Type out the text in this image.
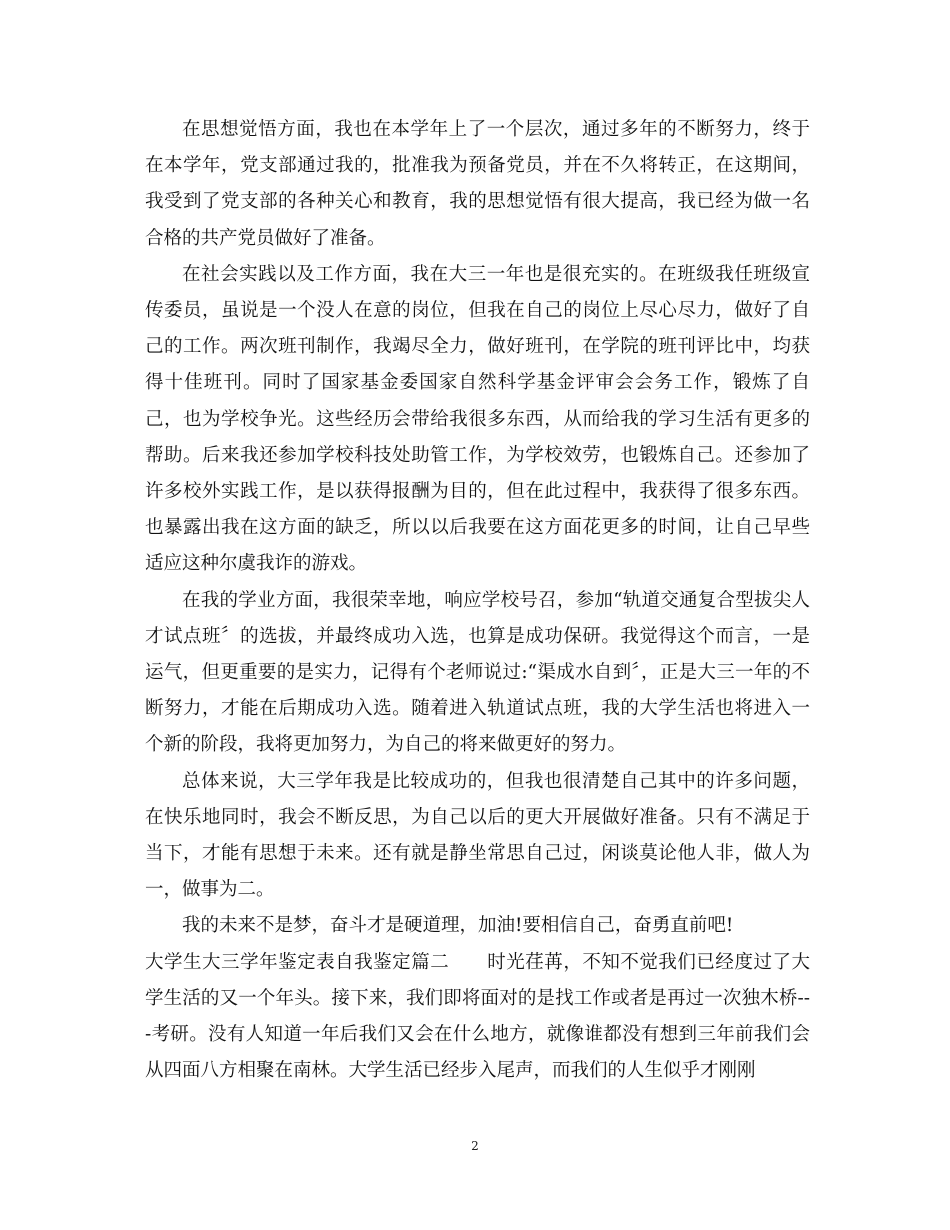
在思想觉悟方面，我也在本学年上了一个层次，通过多年的不断努力，终于在本学年，党支部通过我的，批准我为预备党员，并在不久将转正，在这期间，我受到了党支部的各种关心和教育，我的思想觉悟有很大提高，我已经为做一名合格的共产党员做好了准备。

在社会实践以及工作方面，我在大三一年也是很充实的。在班级我任班级宣传委员，虽说是一个没人在意的岗位，但我在自己的岗位上尽心尽力，做好了自己的工作。两次班刊制作，我竭尽全力，做好班刊，在学院的班刊评比中，均获得十佳班刊。同时了国家基金委国家自然科学基金评审会会务工作，锻炼了自己，也为学校争光。这些经历会带给我很多东西，从而给我的学习生活有更多的帮助。后来我还参加学校科技处助管工作，为学校效劳，也锻炼自己。还参加了许多校外实践工作，是以获得报酬为目的，但在此过程中，我获得了很多东西。也暴露出我在这方面的缺乏，所以以后我要在这方面花更多的时间，让自己早些适应这种尔虞我诈的游戏。

在我的学业方面，我很荣幸地，响应学校号召，参加“轨道交通复合型拔尖人才试点班〞的选拔，并最终成功入选，也算是成功保研。我觉得这个而言，一是运气，但更重要的是实力，记得有个老师说过:“渠成水自到〞，正是大三一年的不断努力，才能在后期成功入选。随着进入轨道试点班，我的大学生活也将进入一个新的阶段，我将更加努力，为自己的将来做更好的努力。

总体来说，大三学年我是比较成功的，但我也很清楚自己其中的许多问题，在快乐地同时，我会不断反思，为自己以后的更大开展做好准备。只有不满足于当下，才能有思想于未来。还有就是静坐常思自己过，闲谈莫论他人非，做人为一，做事为二。

我的未来不是梦，奋斗才是硬道理，加油!要相信自己，奋勇直前吧!

大学生大三学年鉴定表自我鉴定篇二　　时光荏苒，不知不觉我们已经度过了大学生活的又一个年头。接下来，我们即将面对的是找工作或者是再过一次独木桥---考研。没有人知道一年后我们又会在什么地方，就像谁都没有想到三年前我们会从四面八方相聚在南林。大学生活已经步入尾声，而我们的人生似乎才刚刚

2
